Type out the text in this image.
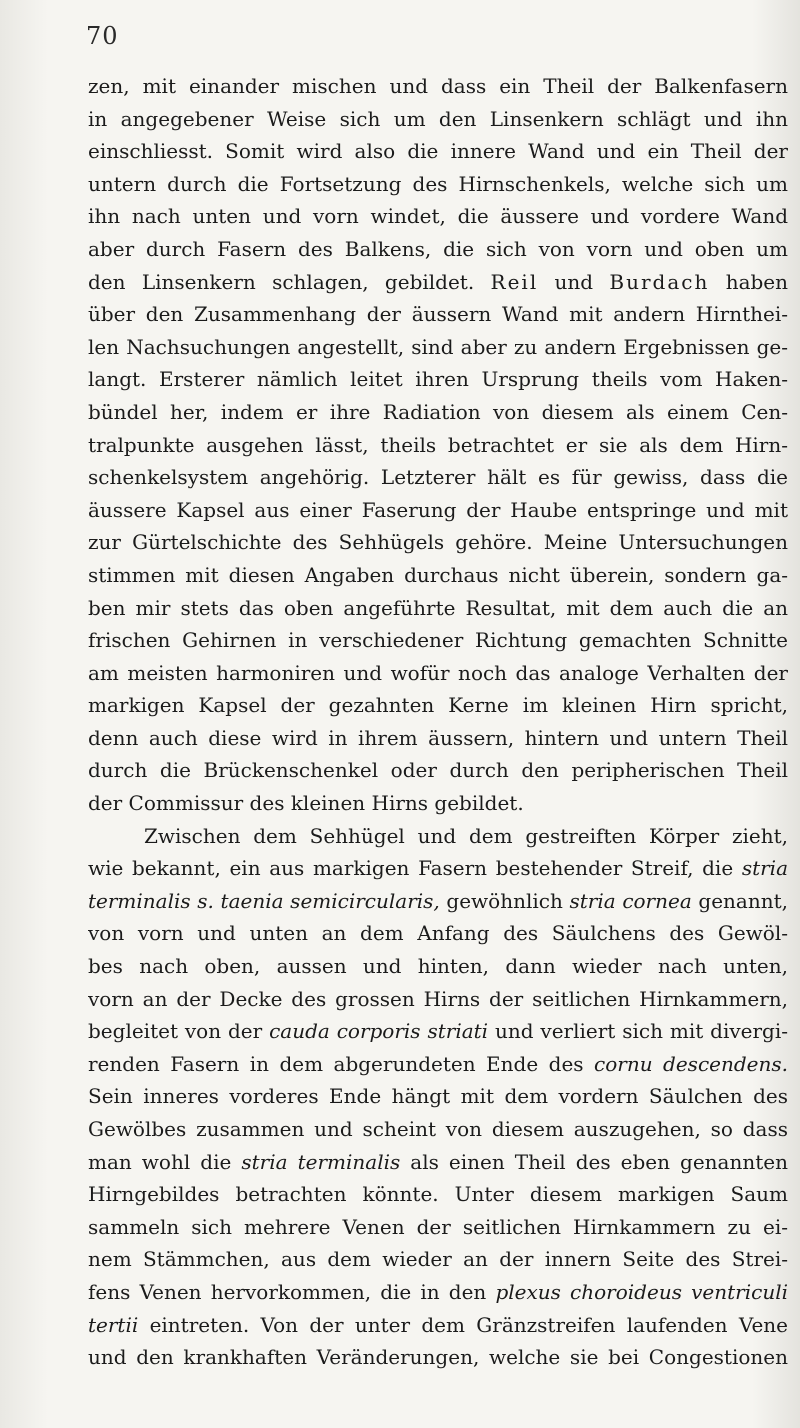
70
zen, mit einander mischen und dass ein Theil der Balkenfasern
in angegebener Weise sich um den Linsenkern schlägt und ihn
einschliesst. Somit wird also die innere Wand und ein Theil der
untern durch die Fortsetzung des Hirnschenkels, welche sich um
ihn nach unten und vorn windet, die äussere und vordere Wand
aber durch Fasern des Balkens, die sich von vorn und oben um
den Linsenkern schlagen, gebildet. Reil und Burdach haben
über den Zusammenhang der äussern Wand mit andern Hirnthei-
len Nachsuchungen angestellt, sind aber zu andern Ergebnissen ge-
langt. Ersterer nämlich leitet ihren Ursprung theils vom Haken-
bündel her, indem er ihre Radiation von diesem als einem Cen-
tralpunkte ausgehen lässt, theils betrachtet er sie als dem Hirn-
schenkelsystem angehörig. Letzterer hält es für gewiss, dass die
äussere Kapsel aus einer Faserung der Haube entspringe und mit
zur Gürtelschichte des Sehhügels gehöre. Meine Untersuchungen
stimmen mit diesen Angaben durchaus nicht überein, sondern ga-
ben mir stets das oben angeführte Resultat, mit dem auch die an
frischen Gehirnen in verschiedener Richtung gemachten Schnitte
am meisten harmoniren und wofür noch das analoge Verhalten der
markigen Kapsel der gezahnten Kerne im kleinen Hirn spricht,
denn auch diese wird in ihrem äussern, hintern und untern Theil
durch die Brückenschenkel oder durch den peripherischen Theil
der Commissur des kleinen Hirns gebildet.
Zwischen dem Sehhügel und dem gestreiften Körper zieht,
wie bekannt, ein aus markigen Fasern bestehender Streif, die stria
terminalis s. taenia semicircularis, gewöhnlich stria cornea genannt,
von vorn und unten an dem Anfang des Säulchens des Gewöl-
bes nach oben, aussen und hinten, dann wieder nach unten,
vorn an der Decke des grossen Hirns der seitlichen Hirnkammern,
begleitet von der cauda corporis striati und verliert sich mit divergi-
renden Fasern in dem abgerundeten Ende des cornu descendens.
Sein inneres vorderes Ende hängt mit dem vordern Säulchen des
Gewölbes zusammen und scheint von diesem auszugehen, so dass
man wohl die stria terminalis als einen Theil des eben genannten
Hirngebildes betrachten könnte. Unter diesem markigen Saum
sammeln sich mehrere Venen der seitlichen Hirnkammern zu ei-
nem Stämmchen, aus dem wieder an der innern Seite des Strei-
fens Venen hervorkommen, die in den plexus choroideus ventriculi
tertii eintreten. Von der unter dem Gränzstreifen laufenden Vene
und den krankhaften Veränderungen, welche sie bei Congestionen
